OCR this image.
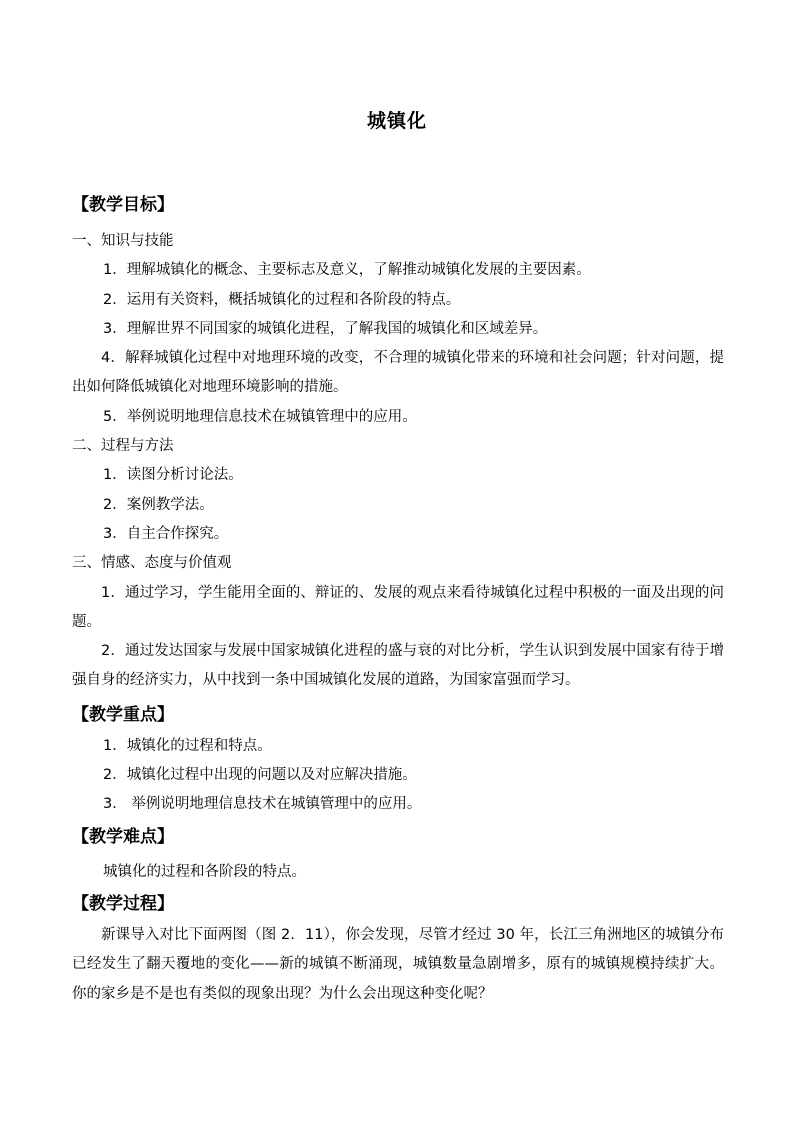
城镇化
【教学目标】

一、知识与技能

1．理解城镇化的概念、主要标志及意义，了解推动城镇化发展的主要因素。

2．运用有关资料，概括城镇化的过程和各阶段的特点。

3．理解世界不同国家的城镇化进程，了解我国的城镇化和区域差异。

4．解释城镇化过程中对地理环境的改变，不合理的城镇化带来的环境和社会问题；针对问题，提出如何降低城镇化对地理环境影响的措施。

5．举例说明地理信息技术在城镇管理中的应用。

二、过程与方法

1．读图分析讨论法。

2．案例教学法。

3．自主合作探究。

三、情感、态度与价值观

1．通过学习，学生能用全面的、辩证的、发展的观点来看待城镇化过程中积极的一面及出现的问题。

2．通过发达国家与发展中国家城镇化进程的盛与衰的对比分析，学生认识到发展中国家有待于增强自身的经济实力，从中找到一条中国城镇化发展的道路，为国家富强而学习。

【教学重点】

1．城镇化的过程和特点。

2．城镇化过程中出现的问题以及对应解决措施。

3． 举例说明地理信息技术在城镇管理中的应用。

【教学难点】

城镇化的过程和各阶段的特点。

【教学过程】

新课导入对比下面两图（图 2．11），你会发现，尽管才经过 30 年，长江三角洲地区的城镇分布已经发生了翻天覆地的变化——新的城镇不断涌现，城镇数量急剧增多，原有的城镇规模持续扩大。你的家乡是不是也有类似的现象出现？为什么会出现这种变化呢？
